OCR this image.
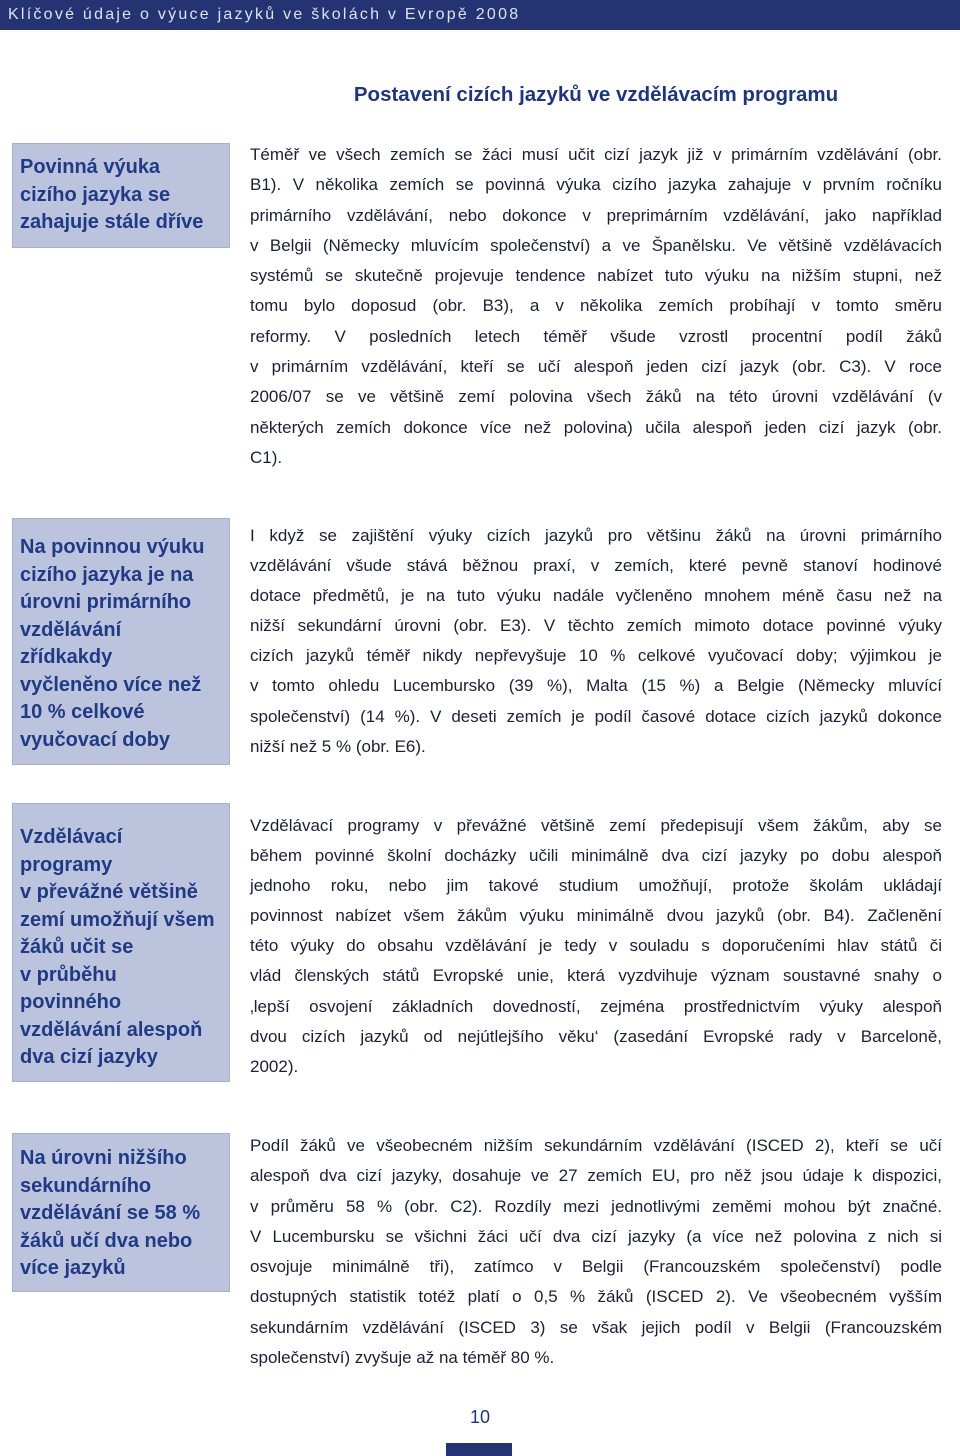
Klíčové údaje o výuce jazyků ve školách v Evropě 2008
Postavení cizích jazyků ve vzdělávacím programu
Povinná výuka
cizího jazyka se
zahajuje stále dříve
Téměř ve všech zemích se žáci musí učit cizí jazyk již v primárním vzdělávání (obr.
B1). V několika zemích se povinná výuka cizího jazyka zahajuje v prvním ročníku
primárního vzdělávání, nebo dokonce v preprimárním vzdělávání, jako například
v Belgii (Německy mluvícím společenství) a ve Španělsku. Ve většině vzdělávacích
systémů se skutečně projevuje tendence nabízet tuto výuku na nižším stupni, než
tomu bylo doposud (obr. B3), a v několika zemích probíhají v tomto směru
reformy. V posledních letech téměř všude vzrostl procentní podíl žáků
v primárním vzdělávání, kteří se učí alespoň jeden cizí jazyk (obr. C3). V roce
2006/07 se ve většině zemí polovina všech žáků na této úrovni vzdělávání (v
některých zemích dokonce více než polovina) učila alespoň jeden cizí jazyk (obr.
C1).
Na povinnou výuku
cizího jazyka je na
úrovni primárního
vzdělávání
zřídkakdy
vyčleněno více než
10 % celkové
vyučovací doby
I když se zajištění výuky cizích jazyků pro většinu žáků na úrovni primárního
vzdělávání všude stává běžnou praxí, v zemích, které pevně stanoví hodinové
dotace předmětů, je na tuto výuku nadále vyčleněno mnohem méně času než na
nižší sekundární úrovni (obr. E3). V těchto zemích mimoto dotace povinné výuky
cizích jazyků téměř nikdy nepřevyšuje 10 % celkové vyučovací doby; výjimkou je
v tomto ohledu Lucembursko (39 %), Malta (15 %) a Belgie (Německy mluvící
společenství) (14 %). V deseti zemích je podíl časové dotace cizích jazyků dokonce
nižší než 5 % (obr. E6).
Vzdělávací
programy
v převážné většině
zemí umožňují všem
žáků učit se
v průběhu
povinného
vzdělávání alespoň
dva cizí jazyky
Vzdělávací programy v převážné většině zemí předepisují všem žákům, aby se
během povinné školní docházky učili minimálně dva cizí jazyky po dobu alespoň
jednoho roku, nebo jim takové studium umožňují, protože školám ukládají
povinnost nabízet všem žákům výuku minimálně dvou jazyků (obr. B4). Začlenění
této výuky do obsahu vzdělávání je tedy v souladu s doporučeními hlav států či
vlád členských států Evropské unie, která vyzdvihuje význam soustavné snahy o
‚lepší osvojení základních dovedností, zejména prostřednictvím výuky alespoň
dvou cizích jazyků od nejútlejšího věku‘ (zasedání Evropské rady v Barceloně,
2002).
Na úrovni nižšího
sekundárního
vzdělávání se 58 %
žáků učí dva nebo
více jazyků
Podíl žáků ve všeobecném nižším sekundárním vzdělávání (ISCED 2), kteří se učí
alespoň dva cizí jazyky, dosahuje ve 27 zemích EU, pro něž jsou údaje k dispozici,
v průměru 58 % (obr. C2). Rozdíly mezi jednotlivými zeměmi mohou být značné.
V Lucembursku se všichni žáci učí dva cizí jazyky (a více než polovina z nich si
osvojuje minimálně tři), zatímco v Belgii (Francouzském společenství) podle
dostupných statistik totéž platí o 0,5 % žáků (ISCED 2). Ve všeobecném vyšším
sekundárním vzdělávání (ISCED 3) se však jejich podíl v Belgii (Francouzském
společenství) zvyšuje až na téměř 80 %.
10
